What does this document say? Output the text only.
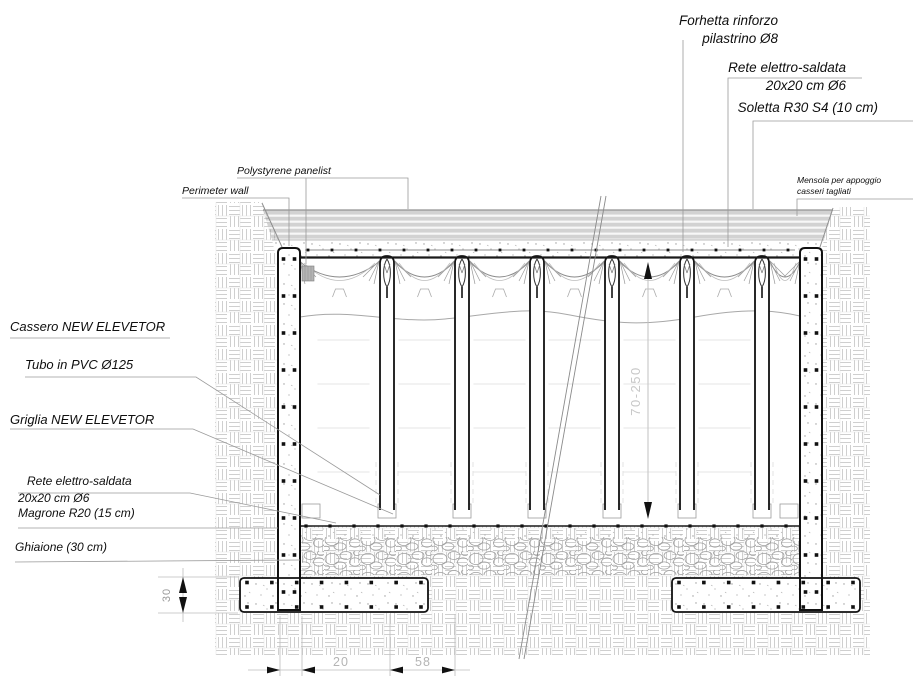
20	58
30
70-250
Forhetta rinforzo
pilastrino Ø8
Rete elettro-saldata
20x20 cm Ø6
Soletta R30 S4 (10 cm)
Mensola per appoggio
casseri tagliati
Polystyrene panelist
Perimeter wall
Cassero NEW ELEVETOR
Tubo in PVC Ø125
Griglia NEW ELEVETOR
Rete elettro-saldata
20x20 cm Ø6
Magrone R20 (15 cm)
Ghiaione (30 cm)
